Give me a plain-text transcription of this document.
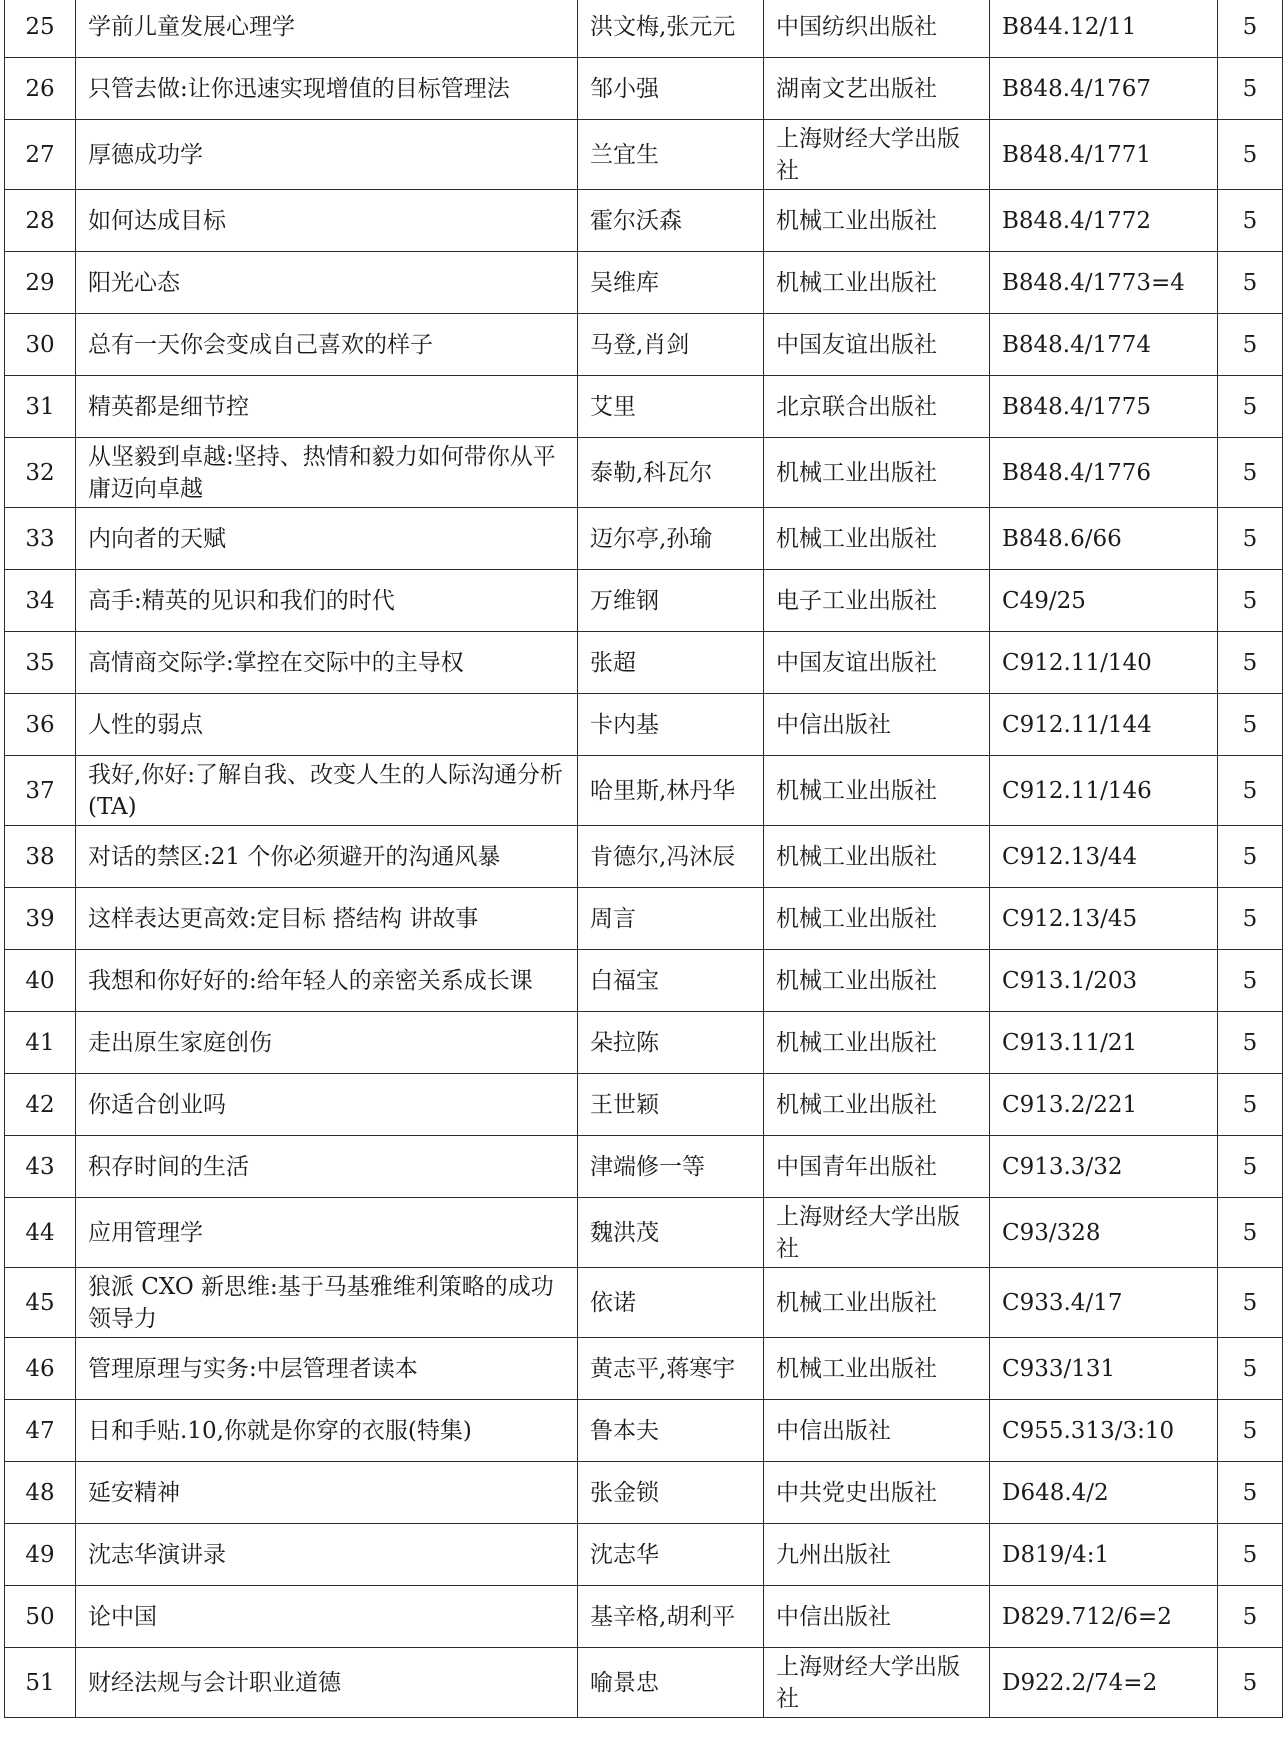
25	学前儿童发展心理学	洪文梅,张元元	中国纺织出版社	B844.12/11	5
26	只管去做:让你迅速实现增值的目标管理法	邹小强	湖南文艺出版社	B848.4/1767	5
27	厚德成功学	兰宜生	上海财经大学出版社	B848.4/1771	5
28	如何达成目标	霍尔沃森	机械工业出版社	B848.4/1772	5
29	阳光心态	吴维库	机械工业出版社	B848.4/1773=4	5
30	总有一天你会变成自己喜欢的样子	马登,肖剑	中国友谊出版社	B848.4/1774	5
31	精英都是细节控	艾里	北京联合出版社	B848.4/1775	5
32	从坚毅到卓越:坚持、热情和毅力如何带你从平庸迈向卓越	泰勒,科瓦尔	机械工业出版社	B848.4/1776	5
33	内向者的天赋	迈尔亭,孙瑜	机械工业出版社	B848.6/66	5
34	高手:精英的见识和我们的时代	万维钢	电子工业出版社	C49/25	5
35	高情商交际学:掌控在交际中的主导权	张超	中国友谊出版社	C912.11/140	5
36	人性的弱点	卡内基	中信出版社	C912.11/144	5
37	我好,你好:了解自我、改变人生的人际沟通分析 (TA)	哈里斯,林丹华	机械工业出版社	C912.11/146	5
38	对话的禁区:21 个你必须避开的沟通风暴	肯德尔,冯沐辰	机械工业出版社	C912.13/44	5
39	这样表达更高效:定目标 搭结构 讲故事	周言	机械工业出版社	C912.13/45	5
40	我想和你好好的:给年轻人的亲密关系成长课	白福宝	机械工业出版社	C913.1/203	5
41	走出原生家庭创伤	朵拉陈	机械工业出版社	C913.11/21	5
42	你适合创业吗	王世颖	机械工业出版社	C913.2/221	5
43	积存时间的生活	津端修一等	中国青年出版社	C913.3/32	5
44	应用管理学	魏洪茂	上海财经大学出版社	C93/328	5
45	狼派 CXO 新思维:基于马基雅维利策略的成功领导力	依诺	机械工业出版社	C933.4/17	5
46	管理原理与实务:中层管理者读本	黄志平,蒋寒宇	机械工业出版社	C933/131	5
47	日和手贴.10,你就是你穿的衣服(特集)	鲁本夫	中信出版社	C955.313/3:10	5
48	延安精神	张金锁	中共党史出版社	D648.4/2	5
49	沈志华演讲录	沈志华	九州出版社	D819/4:1	5
50	论中国	基辛格,胡利平	中信出版社	D829.712/6=2	5
51	财经法规与会计职业道德	喻景忠	上海财经大学出版社	D922.2/74=2	5
